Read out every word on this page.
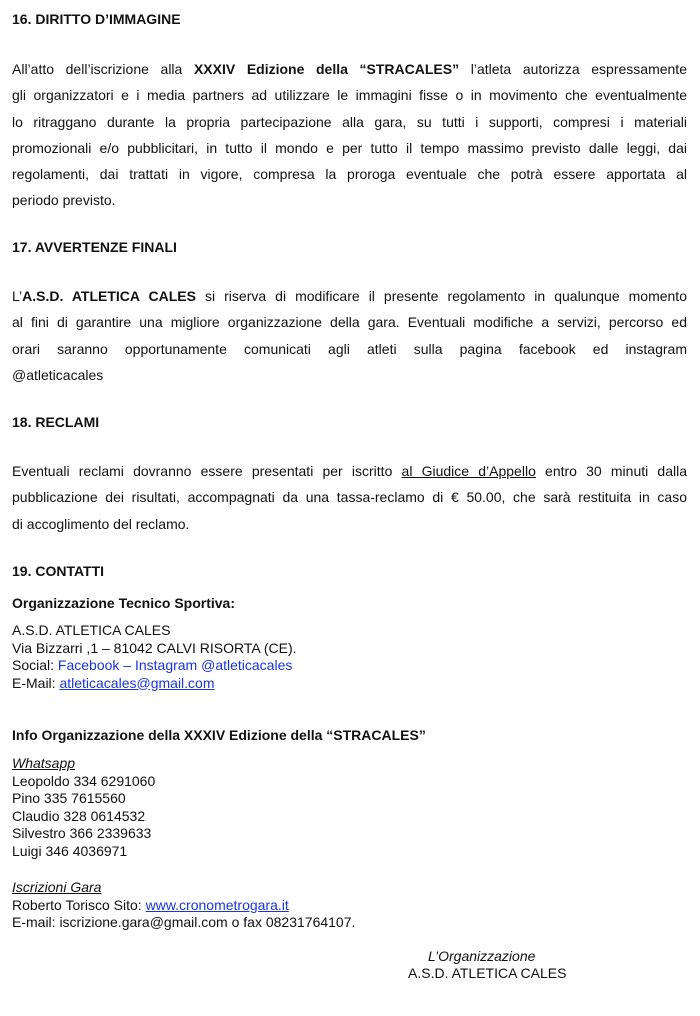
16. DIRITTO D’IMMAGINE
All’atto dell’iscrizione alla XXXIV Edizione della “STRACALES” l’atleta autorizza espressamente
gli organizzatori e i media partners ad utilizzare le immagini fisse o in movimento che eventualmente
lo ritraggano durante la propria partecipazione alla gara, su tutti i supporti, compresi i materiali
promozionali e/o pubblicitari, in tutto il mondo e per tutto il tempo massimo previsto dalle leggi, dai
regolamenti, dai trattati in vigore, compresa la proroga eventuale che potrà essere apportata al
periodo previsto.
17. AVVERTENZE FINALI
L’A.S.D. ATLETICA CALES si riserva di modificare il presente regolamento in qualunque momento
al fini di garantire una migliore organizzazione della gara. Eventuali modifiche a servizi, percorso ed
orari saranno opportunamente comunicati agli atleti sulla pagina facebook ed instagram
@atleticacales
18. RECLAMI
Eventuali reclami dovranno essere presentati per iscritto al Giudice d’Appello entro 30 minuti dalla
pubblicazione dei risultati, accompagnati da una tassa-reclamo di € 50.00, che sarà restituita in caso
di accoglimento del reclamo.
19. CONTATTI
Organizzazione Tecnico Sportiva:
A.S.D. ATLETICA CALES
Via Bizzarri ,1 – 81042 CALVI RISORTA (CE).
Social: Facebook – Instagram @atleticacales
E-Mail: atleticacales@gmail.com
Info Organizzazione della XXXIV Edizione della “STRACALES”
Whatsapp
Leopoldo 334 6291060
Pino 335 7615560
Claudio 328 0614532
Silvestro 366 2339633
Luigi 346 4036971
Iscrizioni Gara
Roberto Torisco Sito: www.cronometrogara.it
E-mail: iscrizione.gara@gmail.com o fax 08231764107.
L’Organizzazione
A.S.D. ATLETICA CALES
